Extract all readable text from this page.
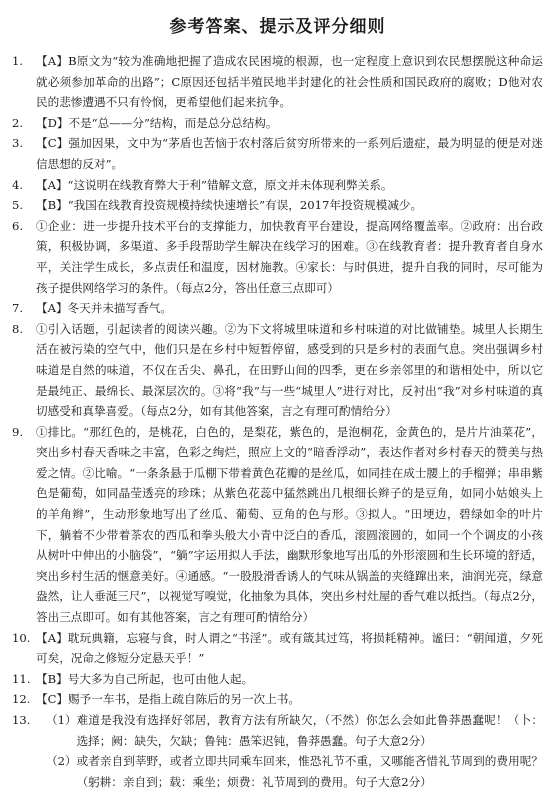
参考答案、提示及评分细则
1.	【A】B原文为“较为准确地把握了造成农民困境的根源，也一定程度上意识到农民想摆脱这种命运就必须参加革命的出路”；C原因还包括半殖民地半封建化的社会性质和国民政府的腐败；D他对农民的悲惨遭遇不只有怜悯，更希望他们起来抗争。
2.	【D】不是“总——分”结构，而是总分总结构。
3.	【C】强加因果，文中为“茅盾也苦恼于农村落后贫穷所带来的一系列后遗症，最为明显的便是对迷信思想的反对”。
4.	【A】“这说明在线教育弊大于利”错解文意，原文并未体现利弊关系。
5.	【B】“我国在线教育投资规模持续快速增长”有误，2017年投资规模减少。
6.	①企业：进一步提升技术平台的支撑能力，加快教育平台建设，提高网络覆盖率。②政府：出台政策，积极协调，多渠道、多手段帮助学生解决在线学习的困难。③在线教育者：提升教育者自身水平，关注学生成长，多点责任和温度，因材施教。④家长：与时俱进，提升自我的同时，尽可能为孩子提供网络学习的条件。（每点2分，答出任意三点即可）
7.	【A】冬天并未描写香气。
8.	①引入话题，引起读者的阅读兴趣。②为下文将城里味道和乡村味道的对比做铺垫。城里人长期生活在被污染的空气中，他们只是在乡村中短暂停留，感受到的只是乡村的表面气息。突出强调乡村味道是自然的味道，不仅在舌尖、鼻孔，在田野山间的四季，更在乡亲邻里的和谐相处中，所以它是最纯正、最绵长、最深层次的。③将“我”与一些“城里人”进行对比，反衬出“我”对乡村味道的真切感受和真挚喜爱。（每点2分，如有其他答案，言之有理可酌情给分）
9.	①排比。“那红色的，是桃花，白色的，是梨花，紫色的，是泡桐花，金黄色的，是片片油菜花”，突出乡村春天香味之丰富，色彩之绚烂，照应上文的“暗香浮动”，表达作者对乡村春天的赞美与热爱之情。②比喻。“一条条悬于瓜棚下带着黄色花瓣的是丝瓜，如同挂在成士腰上的手榴弹；串串紫色是葡萄，如同晶莹透亮的珍珠；从紫色花蕊中猛然跳出几根细长辫子的是豆角，如同小姑娘头上的羊角辫”，生动形象地写出了丝瓜、葡萄、豆角的色与形。③拟人。“田埂边，碧绿如伞的叶片下，躺着不少带着茶农的西瓜和拳头般大小青中泛白的香瓜，滚圆滚圆的，如同一个个调皮的小孩从树叶中伸出的小脑袋”，“躺”字运用拟人手法，幽默形象地写出瓜的外形滚圆和生长环境的舒适，突出乡村生活的惬意美好。④通感。“一股股滑香诱人的气味从锅盖的夹缝蹿出来，油润光亮，绿意盎然，让人垂涎三尺”，以视觉写嗅觉，化抽象为具体，突出乡村灶屋的香气难以抵挡。（每点2分，答出三点即可。如有其他答案，言之有理可酌情给分）
10. 【A】耽玩典籍，忘寝与食，时人谓之“书淫”。或有箴其过笃，将损耗精神。谧曰：“朝闻道，夕死可矣，况命之修短分定悬天乎！”
11. 【B】号大多为自己所起，也可由他人起。
12. 【C】赐予一车书，是指上疏自陈后的另一次上书。
13.	（1） 难道是我没有选择好邻居，教育方法有所缺欠，（不然）你怎么会如此鲁莽愚蠢呢！（卜：选择；阙：缺失，欠缺；鲁钝：愚笨迟钝，鲁莽愚蠢。句子大意2分）
（2） 或者亲自到莘野，或者立即共同乘车回来，惟恐礼节不重，又哪能吝惜礼节周到的费用呢？（躬耕：亲自到；载：乘坐；烦费：礼节周到的费用。句子大意2分）
